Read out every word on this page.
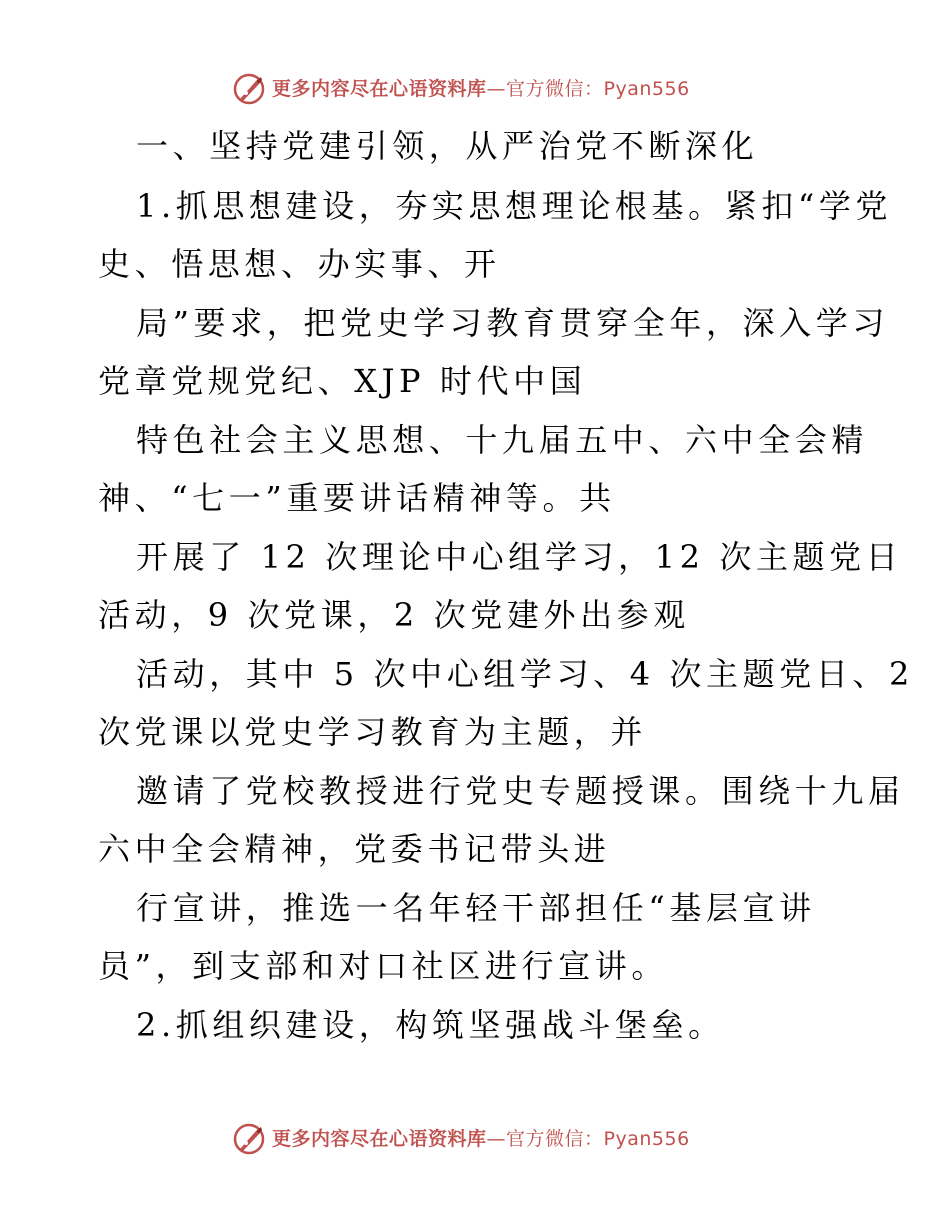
更多内容尽在心语资料库—官方微信：Pyan556
一、坚持党建引领，从严治党不断深化
1.抓思想建设，夯实思想理论根基。紧扣“学党
史、悟思想、办实事、开
局”要求，把党史学习教育贯穿全年，深入学习
党章党规党纪、XJP 时代中国
特色社会主义思想、十九届五中、六中全会精
神、“七一”重要讲话精神等。共
开展了 12 次理论中心组学习，12 次主题党日
活动，9 次党课，2 次党建外出参观
活动，其中 5 次中心组学习、4 次主题党日、2
次党课以党史学习教育为主题，并
邀请了党校教授进行党史专题授课。围绕十九届
六中全会精神，党委书记带头进
行宣讲，推选一名年轻干部担任“基层宣讲
员”，到支部和对口社区进行宣讲。
2.抓组织建设，构筑坚强战斗堡垒。
更多内容尽在心语资料库—官方微信：Pyan556
